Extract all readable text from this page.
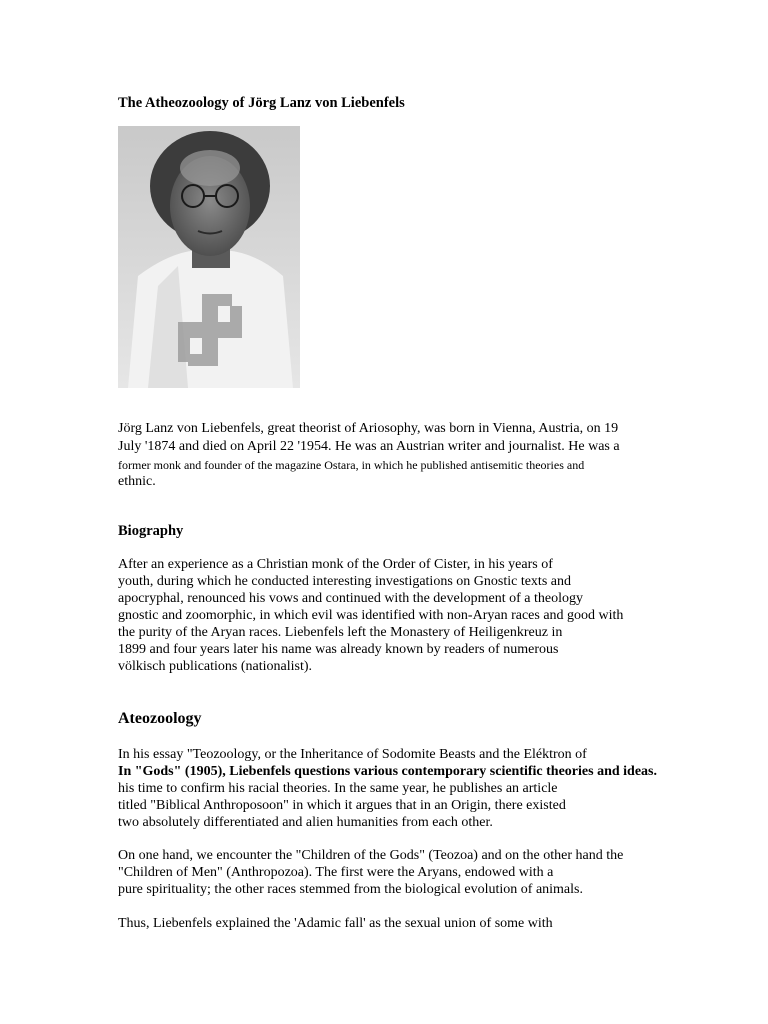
The Atheozoology of Jörg Lanz von Liebenfels
Jörg Lanz von Liebenfels, great theorist of Ariosophy, was born in Vienna, Austria, on 19
July '1874 and died on April 22 '1954. He was an Austrian writer and journalist. He was a
former monk and founder of the magazine Ostara, in which he published antisemitic theories and
ethnic.
Biography
After an experience as a Christian monk of the Order of Cister, in his years of
youth, during which he conducted interesting investigations on Gnostic texts and
apocryphal, renounced his vows and continued with the development of a theology
gnostic and zoomorphic, in which evil was identified with non-Aryan races and good with
the purity of the Aryan races. Liebenfels left the Monastery of Heiligenkreuz in
1899 and four years later his name was already known by readers of numerous
völkisch publications (nationalist).
Ateozoology
In his essay "Teozoology, or the Inheritance of Sodomite Beasts and the Eléktron of
In "Gods" (1905), Liebenfels questions various contemporary scientific theories and ideas.
his time to confirm his racial theories. In the same year, he publishes an article
titled "Biblical Anthroposoon" in which it argues that in an Origin, there existed
two absolutely differentiated and alien humanities from each other.
On one hand, we encounter the "Children of the Gods" (Teozoa) and on the other hand the
"Children of Men" (Anthropozoa). The first were the Aryans, endowed with a
pure spirituality; the other races stemmed from the biological evolution of animals.
Thus, Liebenfels explained the 'Adamic fall' as the sexual union of some with
